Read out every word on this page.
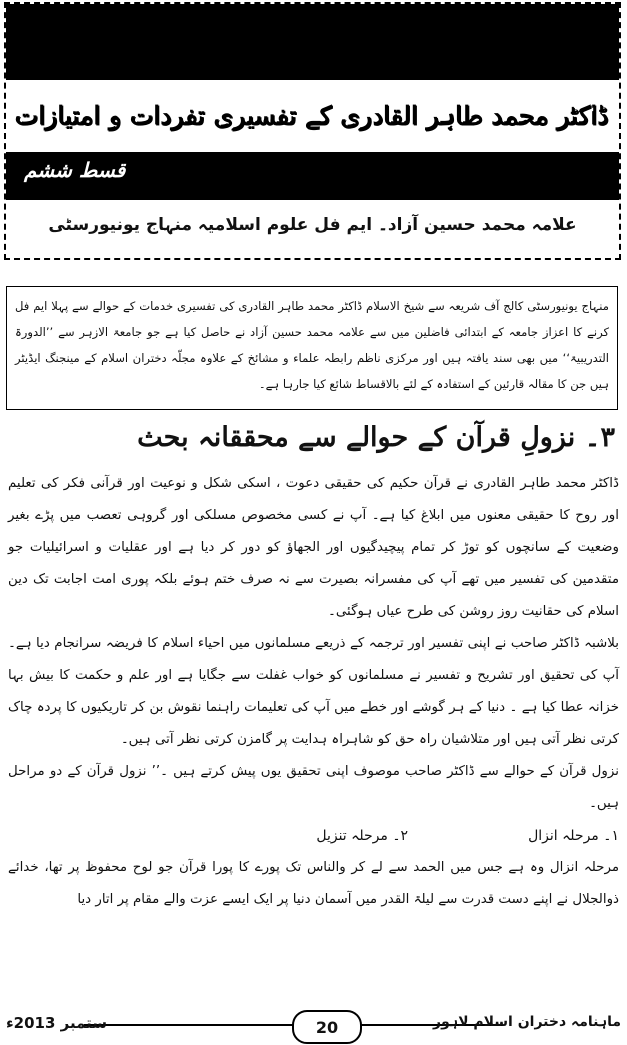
ڈاکٹر محمد طاہر القادری کے تفسیری تفردات و امتیازات
قسط ششم
علامہ محمد حسین آزاد۔ ایم فل علوم اسلامیہ منہاج یونیورسٹی

منہاج یونیورسٹی کالج آف شریعہ سے شیخ الاسلام ڈاکٹر محمد طاہر القادری کی تفسیری خدمات کے حوالے سے پہلا ایم فل کرنے کا اعزاز جامعہ کے ابتدائی فاضلین میں سے علامہ محمد حسین آزاد نے حاصل کیا ہے جو جامعۃ الازہر سے ’’الدورۃ التدریبیۃ‘‘ میں بھی سند یافتہ ہیں اور مرکزی ناظم رابطہ علماء و مشائخ کے علاوہ مجلّہ دختران اسلام کے مینجنگ ایڈیٹر ہیں جن کا مقالہ قارئین کے استفادہ کے لئے بالاقساط شائع کیا جارہا ہے۔

۳۔ نزولِ قرآن کے حوالے سے محققانہ بحث

ڈاکٹر محمد طاہر القادری نے قرآن حکیم کی حقیقی دعوت ، اسکی شکل و نوعیت اور قرآنی فکر کی تعلیم اور روح کا حقیقی معنوں میں ابلاغ کیا ہے۔ آپ نے کسی مخصوص مسلکی اور گروہی تعصب میں پڑے بغیر وضعیت کے سانچوں کو توڑ کر تمام پیچیدگیوں اور الجھاؤ کو دور کر دیا ہے اور عقلیات و اسرائیلیات جو متقدمین کی تفسیر میں تھے آپ کی مفسرانہ بصیرت سے نہ صرف ختم ہوئے بلکہ پوری امت اجابت تک دین اسلام کی حقانیت روز روشن کی طرح عیاں ہوگئی۔

بلاشبہ ڈاکٹر صاحب نے اپنی تفسیر اور ترجمہ کے ذریعے مسلمانوں میں احیاء اسلام کا فریضہ سرانجام دیا ہے۔ آپ کی تحقیق اور تشریح و تفسیر نے مسلمانوں کو خواب غفلت سے جگایا ہے اور علم و حکمت کا بیش بہا خزانہ عطا کیا ہے ۔ دنیا کے ہر گوشے اور خطے میں آپ کی تعلیمات راہنما نقوش بن کر تاریکیوں کا پردہ چاک کرتی نظر آتی ہیں اور متلاشیان راہ حق کو شاہراہ ہدایت پر گامزن کرتی نظر آتی ہیں۔

نزول قرآن کے حوالے سے ڈاکٹر صاحب موصوف اپنی تحقیق یوں پیش کرتے ہیں ۔’’ نزول قرآن کے دو مراحل ہیں۔

۱۔ مرحلہ انزال
۲۔ مرحلہ تنزیل

مرحلہ انزال وہ ہے جس میں الحمد سے لے کر والناس تک پورے کا پورا قرآن جو لوح محفوظ پر تھا، خدائے ذوالجلال نے اپنے دست قدرت سے لیلۃ القدر میں آسمان دنیا پر ایک ایسے عزت والے مقام پر اتار دیا

20
ستمبر 2013ء	ماہنامہ دختران اسلام لاہور
